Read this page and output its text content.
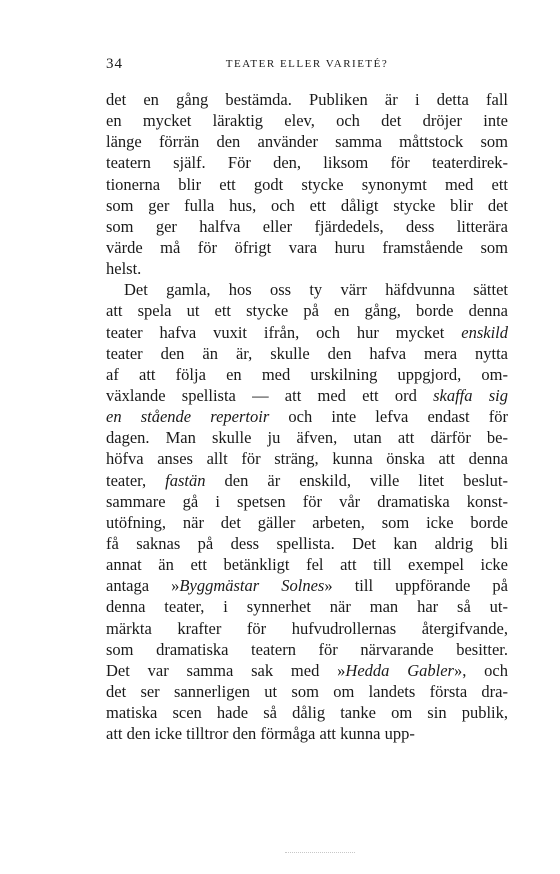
34	TEATER ELLER VARIETÉ?
det en gång bestämda. Publiken är i detta fall
en mycket läraktig elev, och det dröjer inte
länge förrän den använder samma måttstock som
teatern själf. För den, liksom för teaterdirek-
tionerna blir ett godt stycke synonymt med ett
som ger fulla hus, och ett dåligt stycke blir det
som ger halfva eller fjärdedels, dess litterära
värde må för öfrigt vara huru framstående som
helst.
Det gamla, hos oss ty värr häfdvunna sättet
att spela ut ett stycke på en gång, borde denna
teater hafva vuxit ifrån, och hur mycket enskild
teater den än är, skulle den hafva mera nytta
af att följa en med urskilning uppgjord, om-
växlande spellista — att med ett ord skaffa sig
en stående repertoir och inte lefva endast för
dagen. Man skulle ju äfven, utan att därför be-
höfva anses allt för sträng, kunna önska att denna
teater, fastän den är enskild, ville litet beslut-
sammare gå i spetsen för vår dramatiska konst-
utöfning, när det gäller arbeten, som icke borde
få saknas på dess spellista. Det kan aldrig bli
annat än ett betänkligt fel att till exempel icke
antaga »Byggmästar Solnes» till uppförande på
denna teater, i synnerhet när man har så ut-
märkta krafter för hufvudrollernas återgifvande,
som dramatiska teatern för närvarande besitter.
Det var samma sak med »Hedda Gabler», och
det ser sannerligen ut som om landets första dra-
matiska scen hade så dålig tanke om sin publik,
att den icke tilltror den förmåga att kunna upp-
